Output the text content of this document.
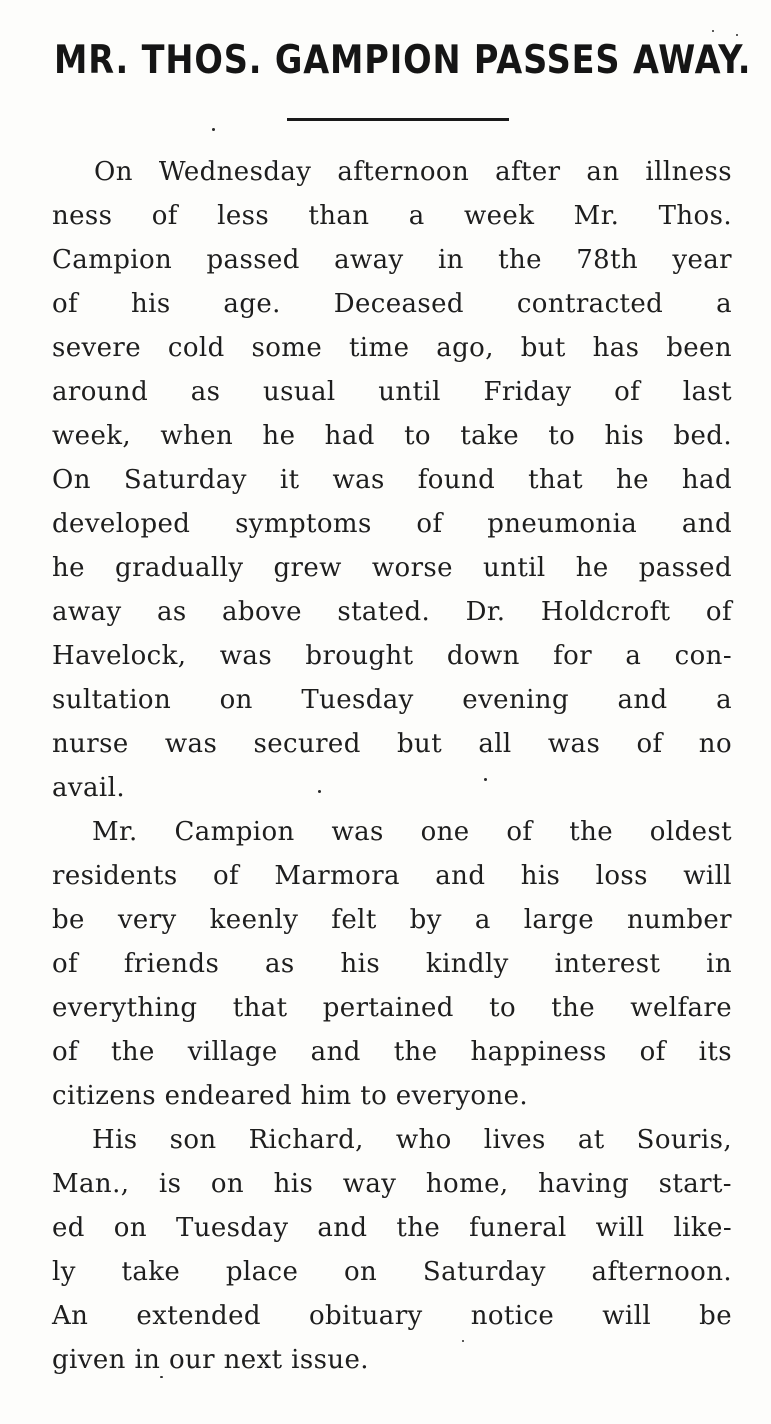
MR. THOS. GAMPION PASSES AWAY.
On Wednesday afternoon after an illness
ness of less than a week Mr. Thos.
Campion passed away in the 78th year
of his age. Deceased contracted a
severe cold some time ago, but has been
around as usual until Friday of last
week, when he had to take to his bed.
On Saturday it was found that he had
developed symptoms of pneumonia and
he gradually grew worse until he passed
away as above stated. Dr. Holdcroft of
Havelock, was brought down for a con-
sultation on Tuesday evening and a
nurse was secured but all was of no
avail.
Mr. Campion was one of the oldest
residents of Marmora and his loss will
be very keenly felt by a large number
of friends as his kindly interest in
everything that pertained to the welfare
of the village and the happiness of its
citizens endeared him to everyone.
His son Richard, who lives at Souris,
Man., is on his way home, having start-
ed on Tuesday and the funeral will like-
ly take place on Saturday afternoon.
An extended obituary notice will be
given in our next issue.
